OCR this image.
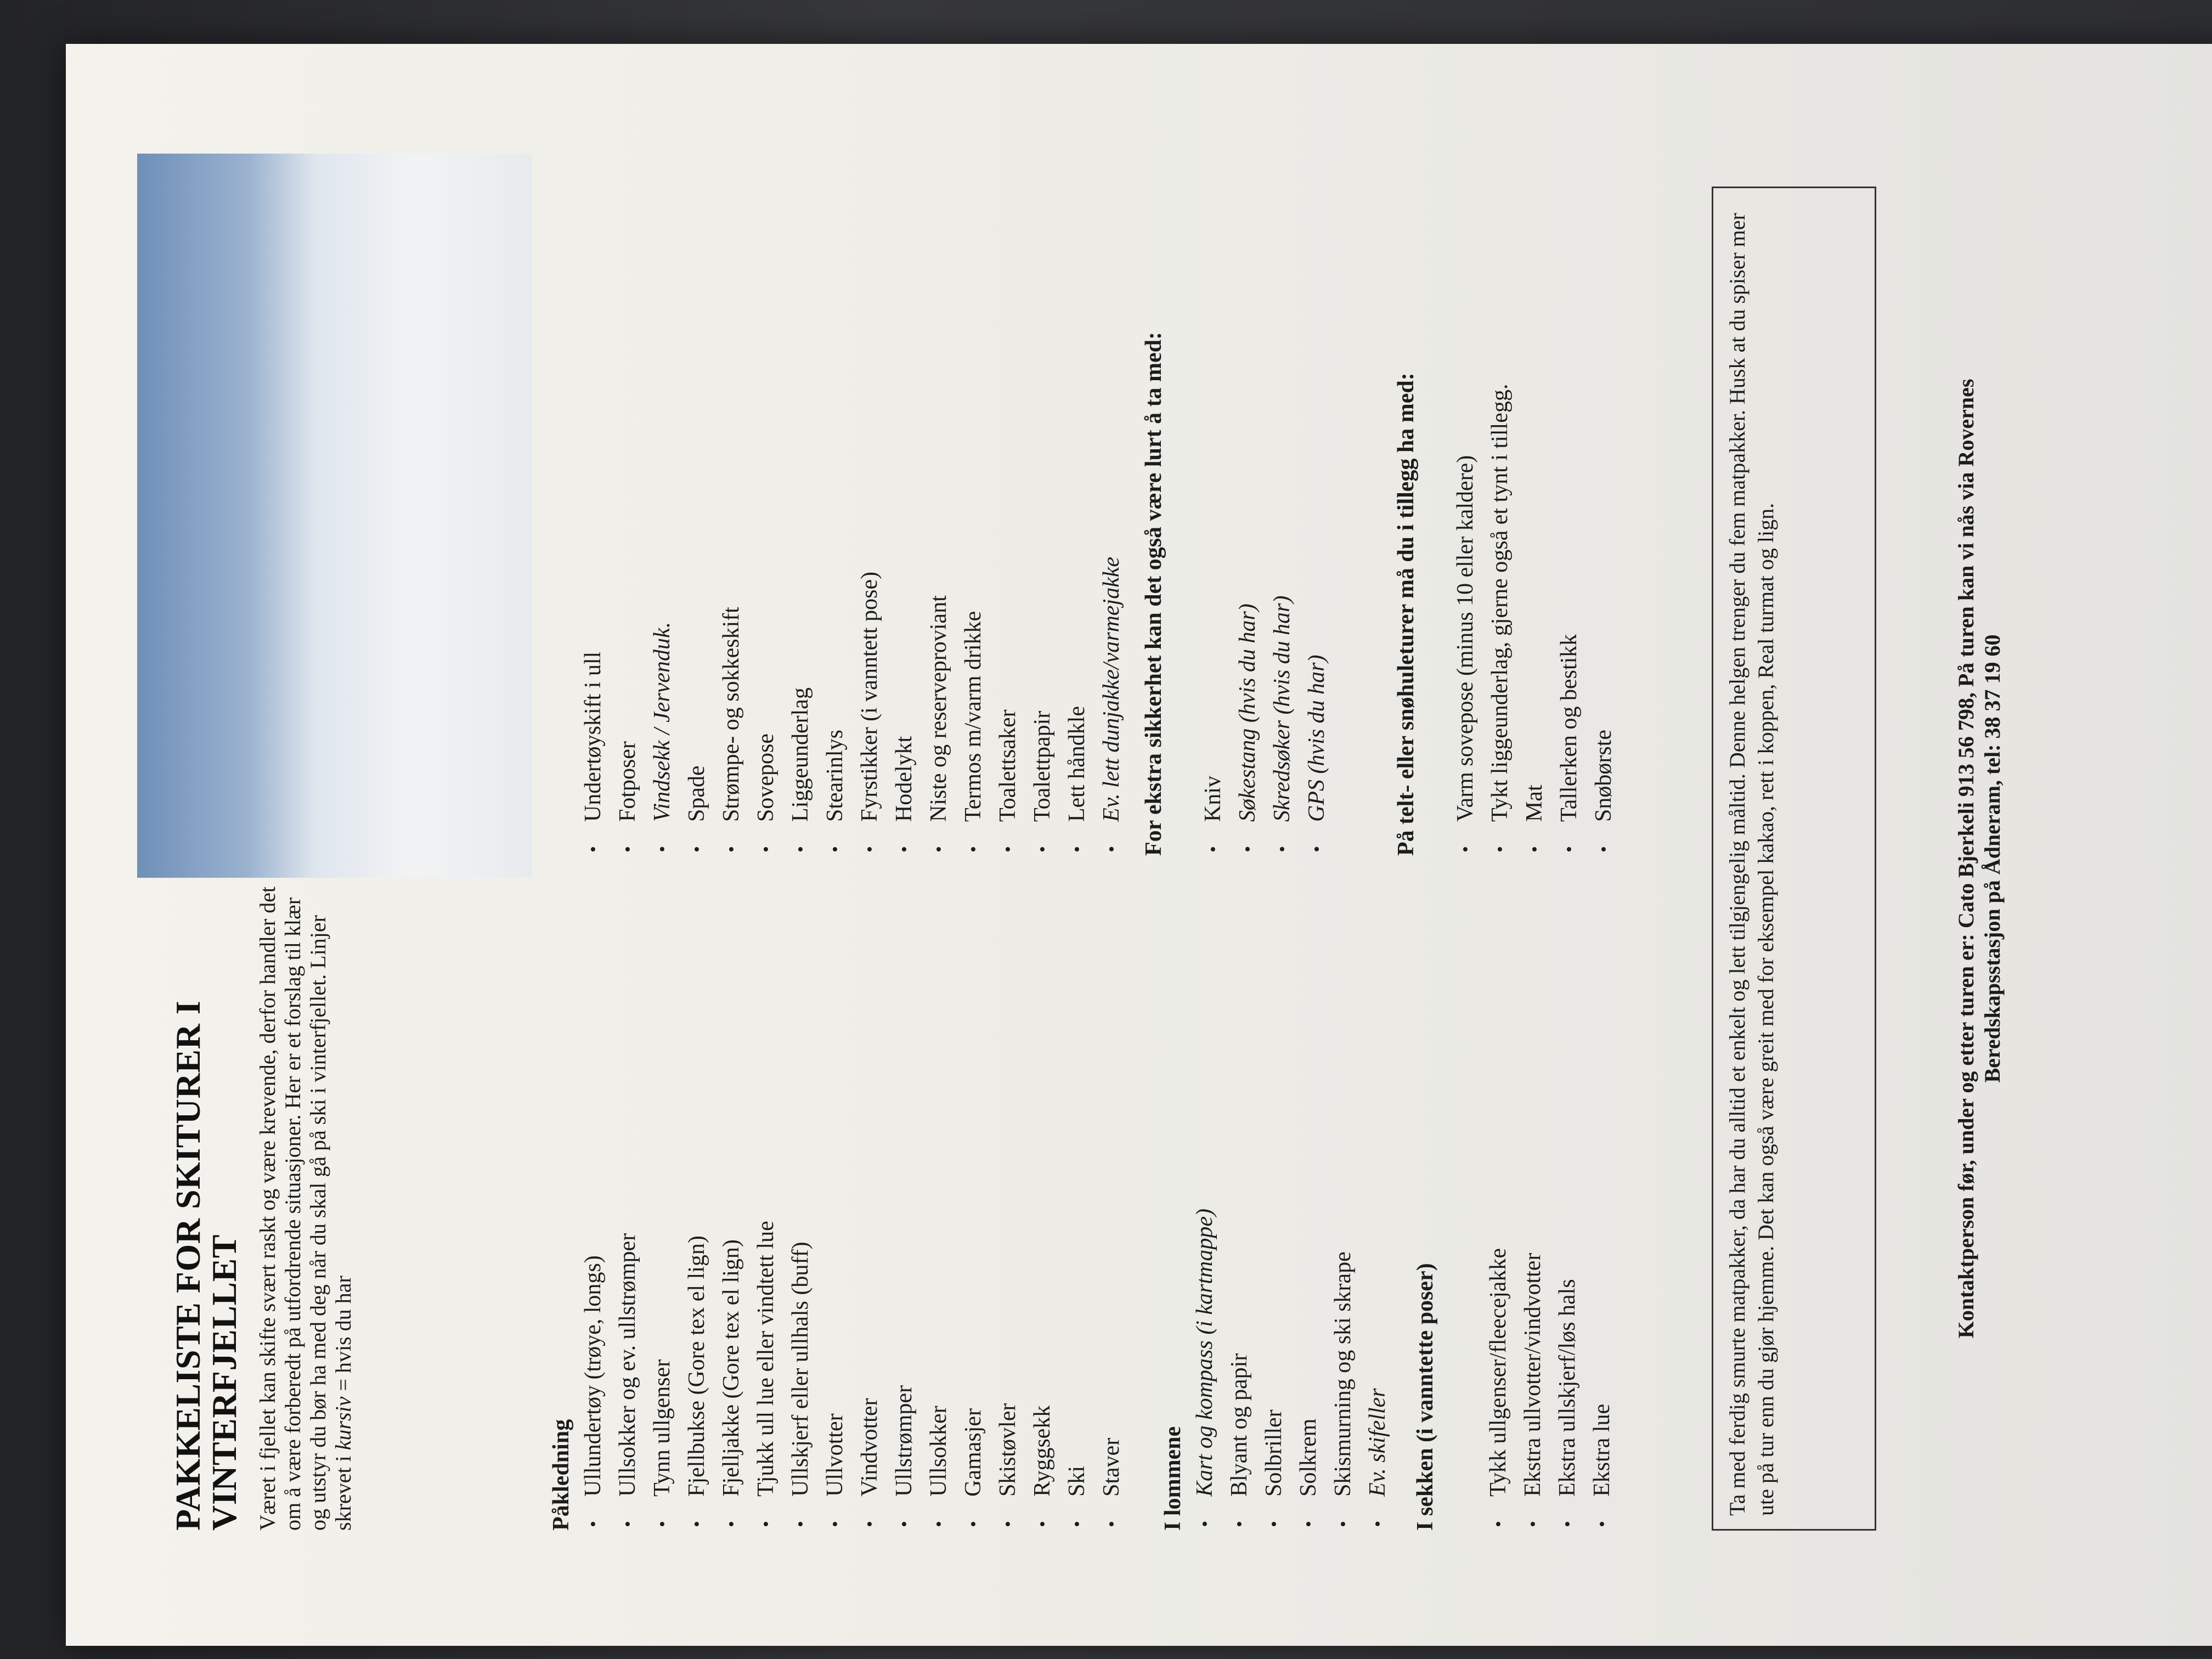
PAKKELISTE FOR SKITURER I VINTERFJELLET Været i fjellet kan skifte svært raskt og være krevende, derfor handler det om å være forberedt på utfordrende situasjoner. Her er et forslag til klær og utstyr du bør ha med deg når du skal gå på ski i vinterfjellet. Linjer skrevet i kursiv = hvis du har

Påkledning • Ullundertøy (trøye, longs) • Ullsokker og ev. ullstrømper • Tynn ullgenser • Fjellbukse (Gore tex el lign) • Fjelljakke (Gore tex el lign) • Tjukk ull lue eller vindtett lue • Ullskjerf eller ullhals (buff) • Ullvotter • Vindvotter • Ullstrømper • Ullsokker • Gamasjer • Skistøvler • Ryggsekk • Ski • Staver I lommene • Kart og kompass (i kartmappe) • Blyant og papir • Solbriller • Solkrem • Skismurning og ski skrape • Ev. skifeller I sekken (i vanntette poser) • Tykk ullgenser/fleecejakke • Ekstra ullvotter/vindvotter • Ekstra ullskjerf/løs hals • Ekstra lue
• Undertøyskift i ull • Fotposer • Vindsekk / Jervenduk. • Spade • Strømpe- og sokkeskift • Sovepose • Liggeunderlag • Stearinlys • Fyrstikker (i vanntett pose) • Hodelykt • Niste og reserveproviant • Termos m/varm drikke • Toalettsaker • Toalettpapir • Lett håndkle • Ev. lett dunjakke/varmejakke For ekstra sikkerhet kan det også være lurt å ta med: • Kniv • Søkestang (hvis du har) • Skredsøker (hvis du har) • GPS (hvis du har)	På telt- eller snøhuleturer må du i tillegg ha med: • Varm sovepose (minus 10 eller kaldere) • Tykt liggeunderlag, gjerne også et tynt i tillegg. • Mat • Tallerken og bestikk • Snøbørste	Ta med ferdig smurte matpakker, da har du alltid et enkelt og lett tilgjengelig måltid. Denne helgen trenger du fem matpakker. Husk at du spiser mer ute på tur enn du gjør hjemme. Det kan også være greit med for eksempel kakao, rett i koppen, Real turmat og lign.	Kontaktperson før, under og etter turen er: Cato Bjerkeli 913 56 798, På turen kan vi nås via Rovernes Beredskapsstasjon på Ådneram, tel: 38 37 19 60
